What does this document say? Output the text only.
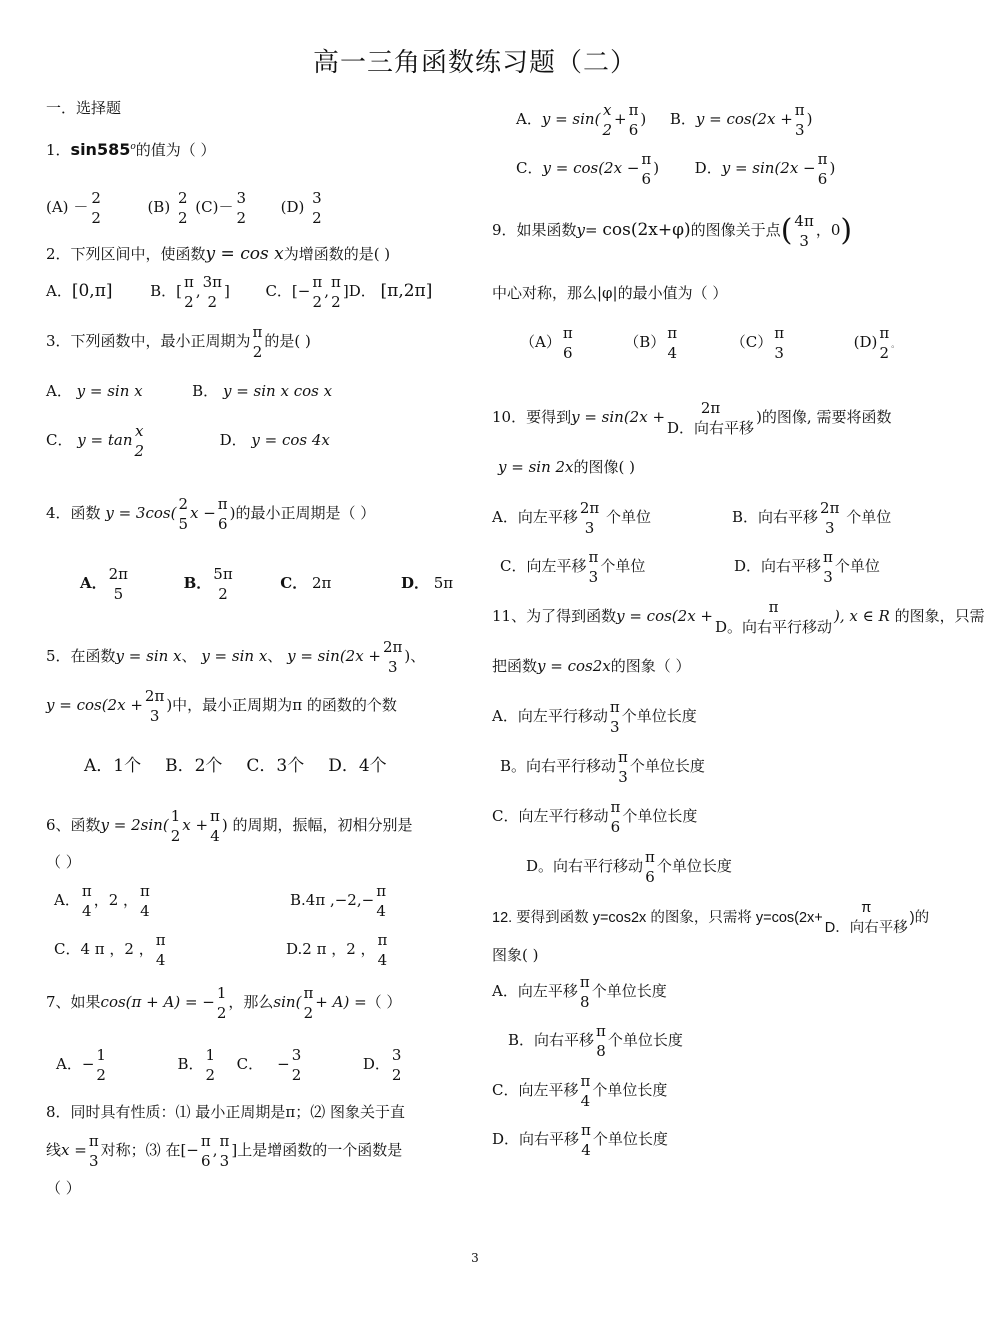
高一三角函数练习题（二）
一．选择题
1．sin585$^o$的值为（ ）
(A) － 2
2
(B) 2
2
(C)－ 3
2
(D) 3
2
2．下列区间中，使函数y = cos x为增函数的是( )
A．[0,π]	B．[ π
2
, 3π
2
] C．[− π
2
, π
2
]D． [π,2π]
3．下列函数中，最小正周期为 π
2
的是( )
A． y = sin x	B． y = sin x cos x
C． y = tan x
2
D． y = cos 4x
4．函数 y = 3cos( 2
5
x − π
6
)的最小正周期是（ ）
A． 2π
5
B． 5π
2
C． 2π	D． 5π
5．在函数y = sin x、 y = sin x、 y = sin(2x + 2π
3
)、
y = cos(2x + 2π
3
)中，最小正周期为π 的函数的个数
A．1个 B．2个 C．3个 D．4个
6、函数y = 2sin( 1
2
x + π
4
) 的周期，振幅，初相分别是
（ ）
A． π
4
，2 ， π
4
B.4π ,−2,− π
4
C．4 π ，2 ， π
4
D.2 π ，2 ， π
4
7、如果cos(π + A) = − 1
2
，那么sin( π
2
+ A) =（ ）
A．− 1
2
B． 1
2
C． − 3
2
D． 3
2
8．同时具有性质：⑴ 最小正周期是π；⑵ 图象关于直
线x = π
3
对称；⑶ 在[− π
6
, π
3
]上是增函数的一个函数是
（ ）
A．y = sin( x
2
+ π
6
) B．y = cos(2x + π
3
)
C．y = cos(2x − π
6
) D．y = sin(2x − π
6
)
9．如果函数y= cos(2x+φ)的图像关于点( 4π
3
，0)
中心对称，那么|φ|的最小值为（ ）
（A） π
6
（B） π
4
（C） π
3
(D) π
2 。
10．要得到y = sin(2x + 2π
D．向右平移
)的图像, 需要将函数
y = sin 2x的图像( )
A．向左平移 2π
3
个单位	B．向右平移 2π
3
个单位
C．向左平移 π
3
个单位	D．向右平移 π
3
个单位
11、为了得到函数y = cos(2x +	π
D。向右平行移动
), x ∈ R 的图象，只需
把函数y = cos2x的图象（ ）
A．向左平行移动 π
3
个单位长度
B。向右平行移动 π
3
个单位长度
C．向左平行移动 π
6
个单位长度
D。向右平行移动 π
6
个单位长度
12. 要得到函数 y=cos2x 的图象，只需将 y=cos(2x+
π
D．向右平移
)的
图象( )
A．向左平移 π
8
个单位长度
B．向右平移 π
8
个单位长度
C．向左平移 π
4
个单位长度
D．向右平移 π
4
个单位长度
3
